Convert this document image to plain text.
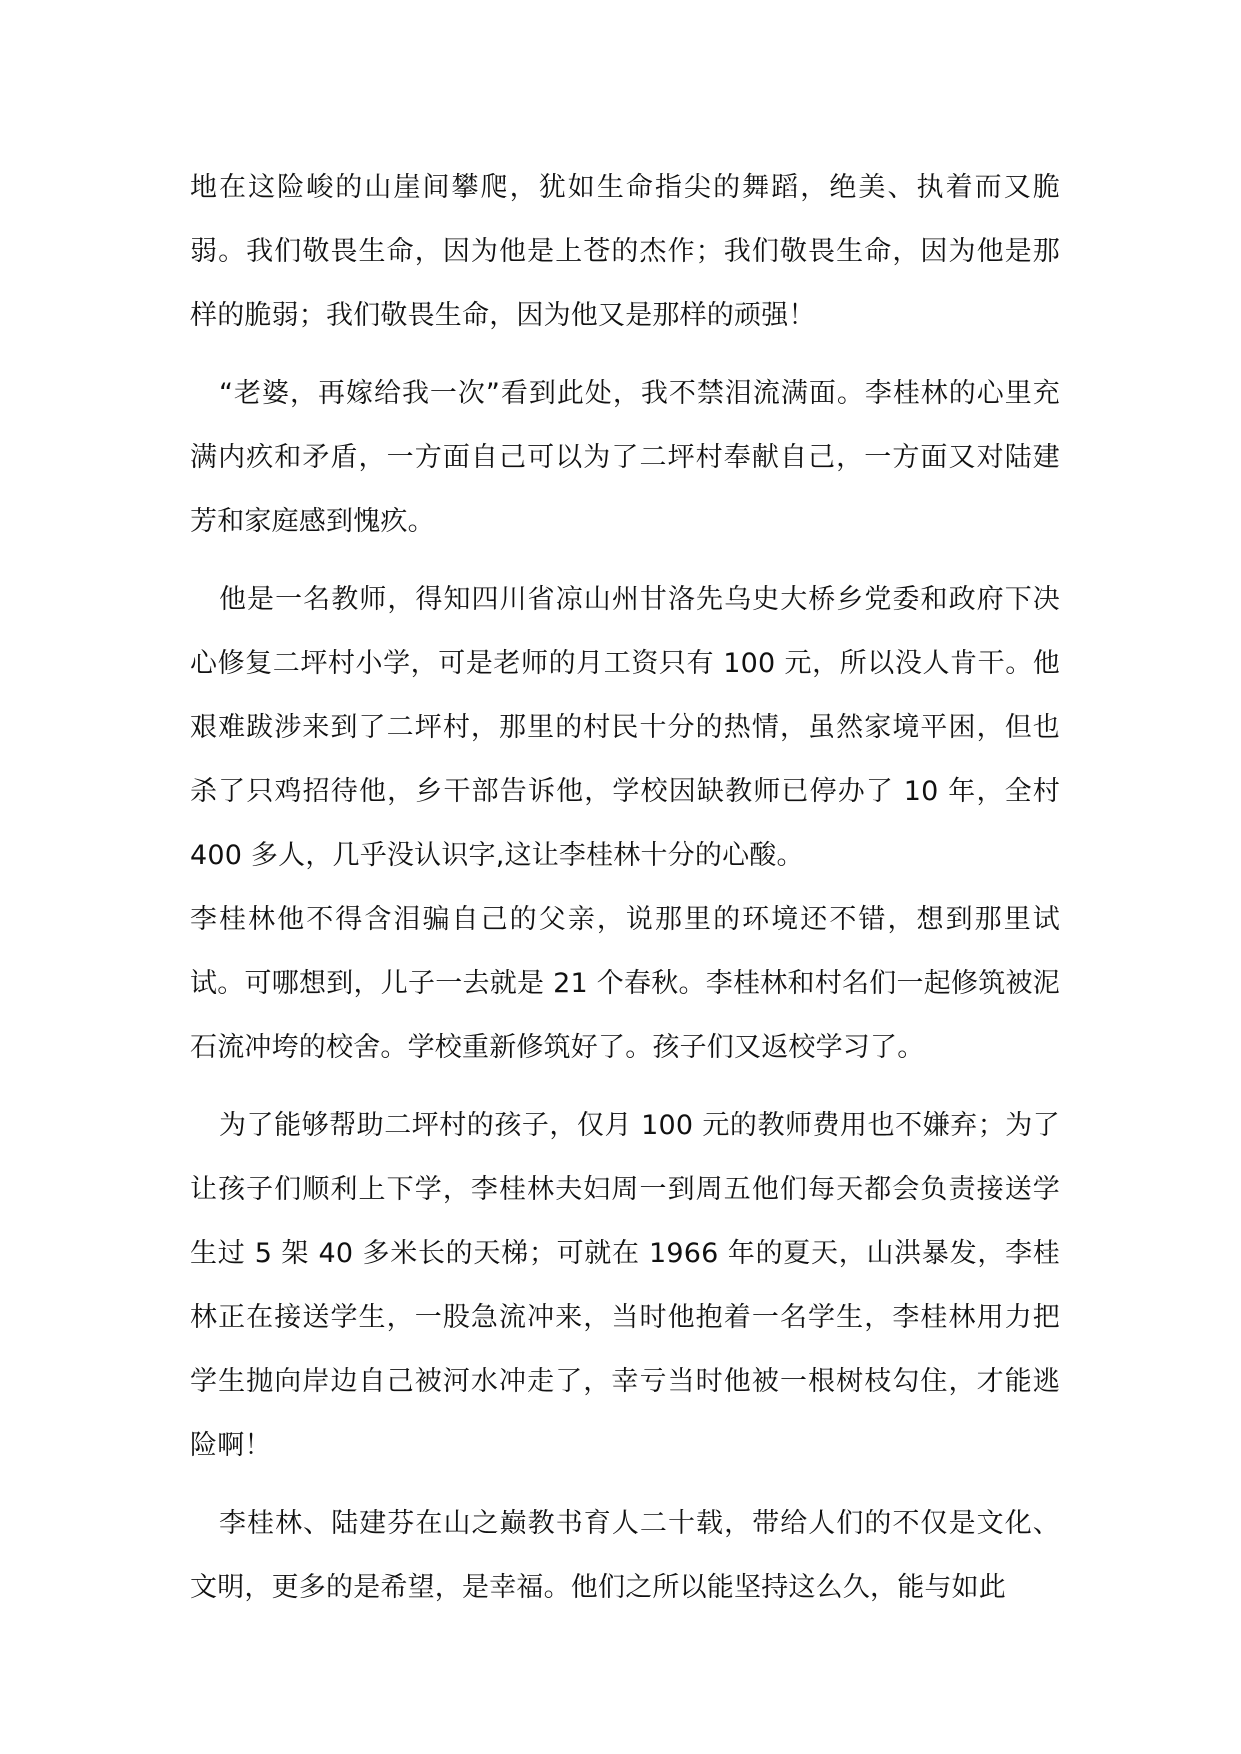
地在这险峻的山崖间攀爬，犹如生命指尖的舞蹈，绝美、执着而又脆弱。我们敬畏生命，因为他是上苍的杰作；我们敬畏生命，因为他是那样的脆弱；我们敬畏生命，因为他又是那样的顽强！

“老婆，再嫁给我一次”看到此处，我不禁泪流满面。李桂林的心里充满内疚和矛盾，一方面自己可以为了二坪村奉献自己，一方面又对陆建芳和家庭感到愧疚。

他是一名教师，得知四川省凉山州甘洛先乌史大桥乡党委和政府下决心修复二坪村小学，可是老师的月工资只有 100 元，所以没人肯干。他艰难跋涉来到了二坪村，那里的村民十分的热情，虽然家境平困，但也杀了只鸡招待他，乡干部告诉他，学校因缺教师已停办了 10 年，全村 400 多人，几乎没认识字,这让李桂林十分的心酸。

李桂林他不得含泪骗自己的父亲，说那里的环境还不错，想到那里试试。可哪想到，儿子一去就是 21 个春秋。李桂林和村名们一起修筑被泥石流冲垮的校舍。学校重新修筑好了。孩子们又返校学习了。

为了能够帮助二坪村的孩子，仅月 100 元的教师费用也不嫌弃；为了让孩子们顺利上下学，李桂林夫妇周一到周五他们每天都会负责接送学生过 5 架 40 多米长的天梯；可就在 1966 年的夏天，山洪暴发，李桂林正在接送学生，一股急流冲来，当时他抱着一名学生，李桂林用力把学生抛向岸边自己被河水冲走了，幸亏当时他被一根树枝勾住，才能逃险啊！

李桂林、陆建芬在山之巅教书育人二十载，带给人们的不仅是文化、文明，更多的是希望，是幸福。他们之所以能坚持这么久，能与如此
